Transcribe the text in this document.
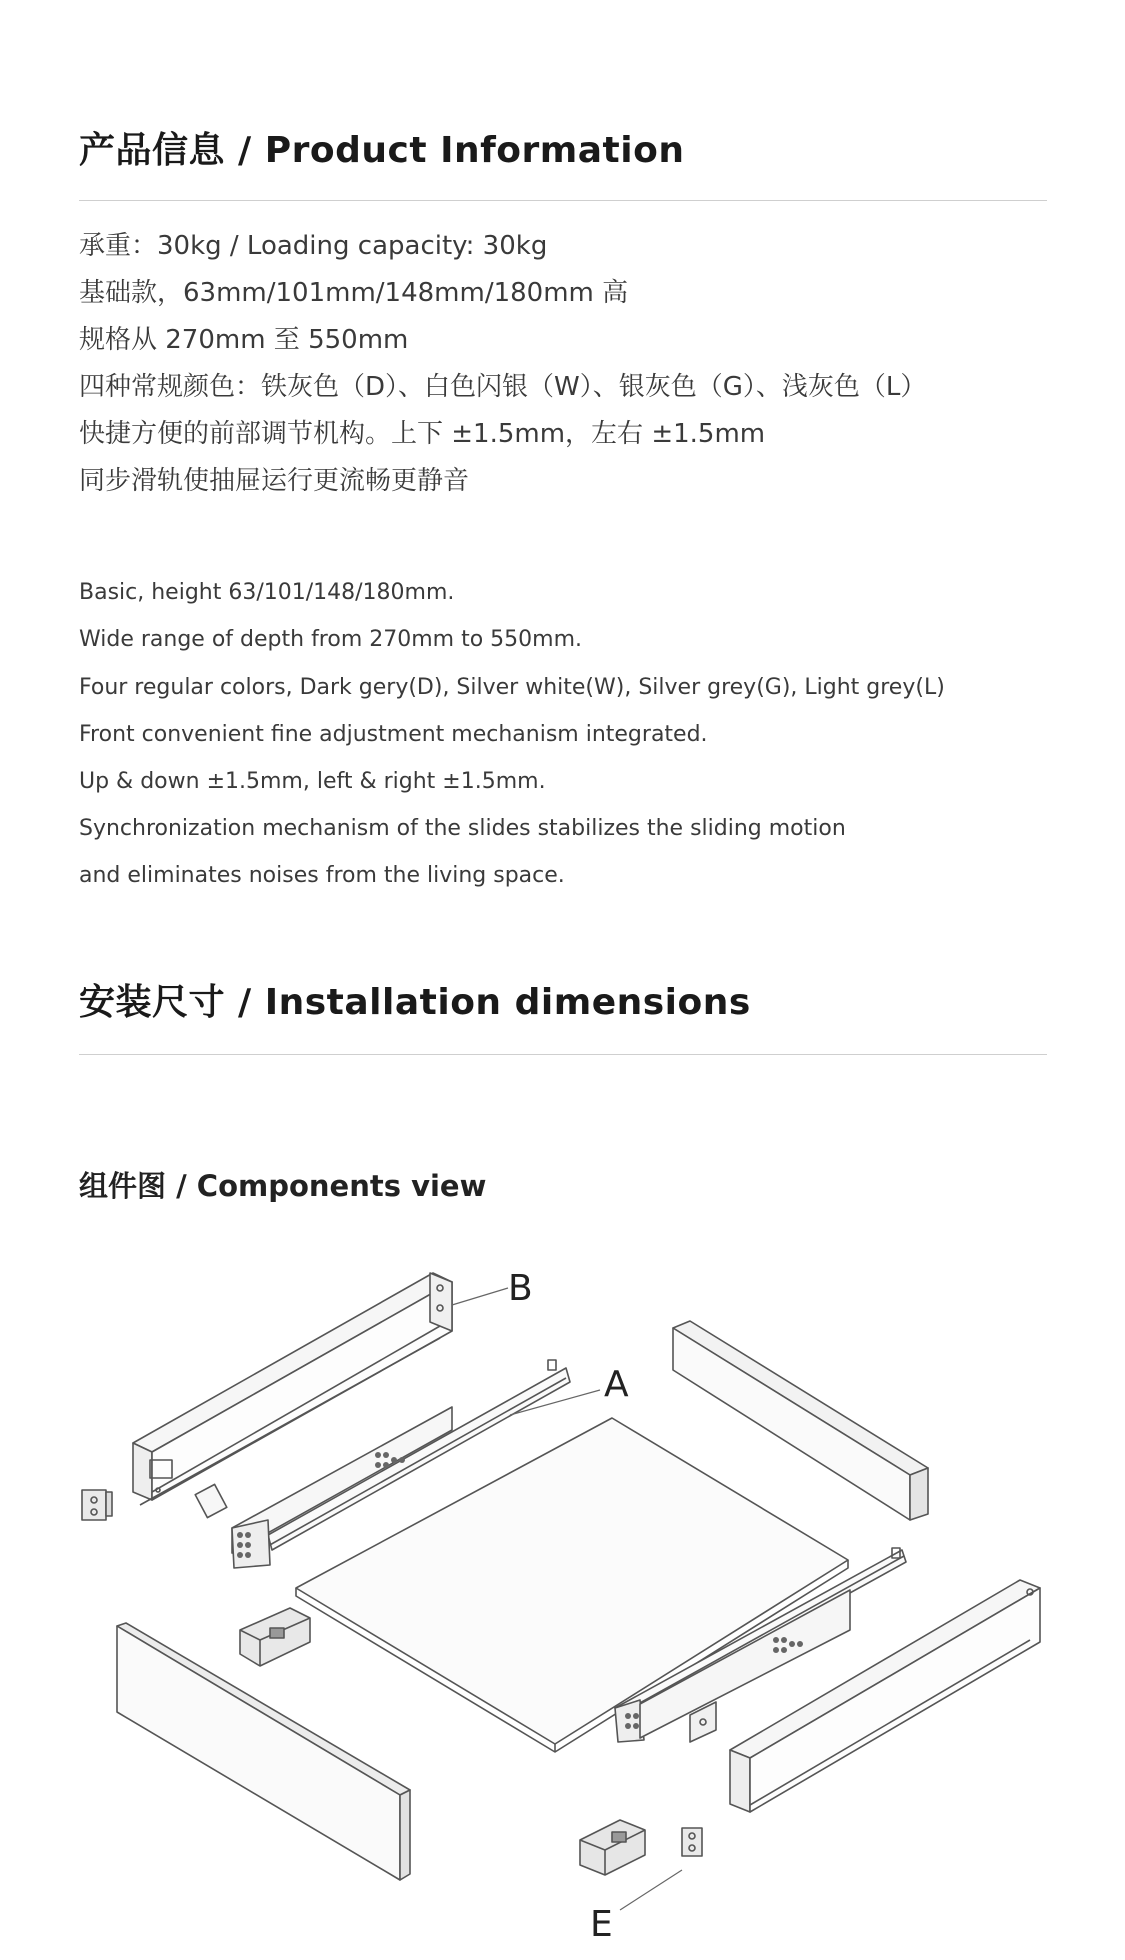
产品信息 / Product Information

承重：30kg / Loading capacity: 30kg

基础款，63mm/101mm/148mm/180mm 高

规格从 270mm 至 550mm

四种常规颜色：铁灰色（D）、白色闪银（W）、银灰色（G）、浅灰色（L）

快捷方便的前部调节机构。上下 ±1.5mm，左右 ±1.5mm

同步滑轨使抽屉运行更流畅更静音

Basic, height 63/101/148/180mm.

Wide range of depth from 270mm to 550mm.

Four regular colors, Dark gery(D), Silver white(W), Silver grey(G), Light grey(L)

Front convenient fine adjustment mechanism integrated.

Up & down ±1.5mm, left & right ±1.5mm.

Synchronization mechanism of the slides stabilizes the sliding motion

and eliminates noises from the living space.

安装尺寸 / Installation dimensions
组件图 / Components view
B
A
E
